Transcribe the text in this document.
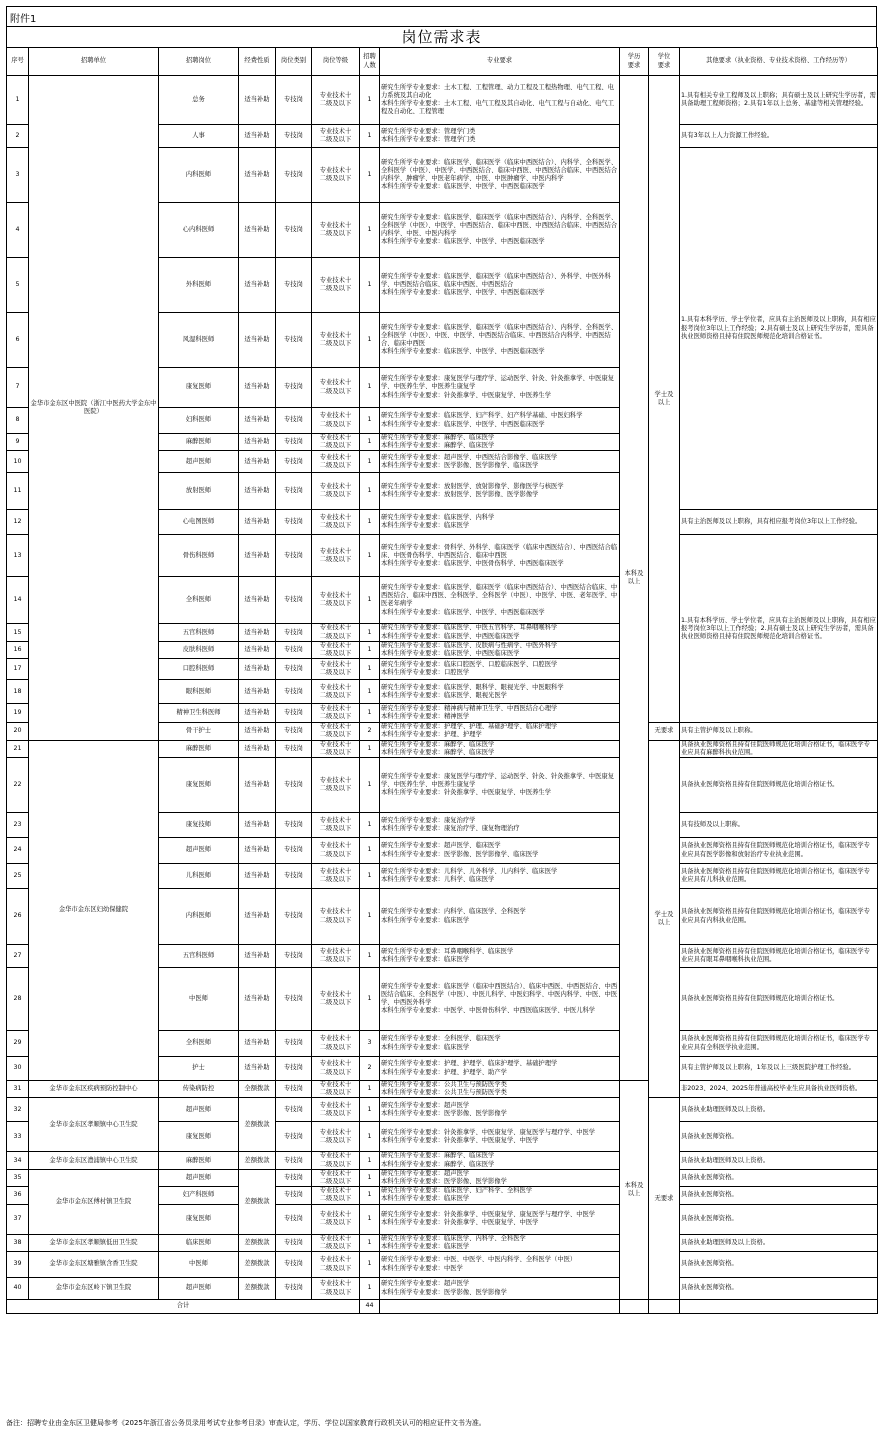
附件1
岗位需求表
序号	招聘单位	招聘岗位	经费性质	岗位类别	岗位等级	招聘
人数	专业要求	学历
要求	学位
要求	其他要求（执业资格、专业技术资格、工作经历等）
1	金华市金东区中医院（浙江中医药大学金东中医院）	总务	适当补助	专技岗	专业技术十
二级及以下	1	研究生所学专业要求：土木工程、工程管理、动力工程及工程热物理、电气工程、电力系统及其自动化
本科生所学专业要求：土木工程、电气工程及其自动化、电气工程与自动化、电气工程及自动化、工程管理	本科及
以上	学士及
以上	1.具有相关专业工程师及以上职称；具有硕士及以上研究生学历者，需具备助理工程师资格；2.具有1年以上总务、基建等相关管理经验。
2		人事	适当补助	专技岗	专业技术十
二级及以下	1	研究生所学专业要求：管理学门类
本科生所学专业要求：管理学门类			具有3年以上人力资源工作经验。
3		内科医师	适当补助	专技岗	专业技术十
二级及以下	1	研究生所学专业要求：临床医学、临床医学（临床中西医结合）、内科学、全科医学、全科医学（中医）、中医学、中西医结合、临床中西医、中西医结合临床、中西医结合内科学、肿瘤学、中医老年病学、中医、中医肿瘤学、中医内科学
本科生所学专业要求：临床医学、中医学、中西医临床医学			1.具有本科学历、学士学位者，应具有主治医师及以上职称，具有相应报考岗位3年以上工作经验；2.具有硕士及以上研究生学历者，需具备执业医师资格且持有住院医师规范化培训合格证书。
4		心内科医师	适当补助	专技岗	专业技术十
二级及以下	1	研究生所学专业要求：临床医学、临床医学（临床中西医结合）、内科学、全科医学、全科医学（中医）、中医学、中西医结合、临床中西医、中西医结合临床、中西医结合内科学、中医、中医内科学
本科生所学专业要求：临床医学、中医学、中西医临床医学			
5		外科医师	适当补助	专技岗	专业技术十
二级及以下	1	研究生所学专业要求：临床医学、临床医学（临床中西医结合）、外科学、中医外科学、中西医结合临床、临床中西医、中西医结合
本科生所学专业要求：临床医学、中医学、中西医临床医学			
6		风湿科医师	适当补助	专技岗	专业技术十
二级及以下	1	研究生所学专业要求：临床医学、临床医学（临床中西医结合）、内科学、全科医学、全科医学（中医）、中医、中医学、中西医结合临床、中西医结合内科学、中西医结合、临床中西医
本科生所学专业要求：临床医学、中医学、中西医临床医学			
7		康复医师	适当补助	专技岗	专业技术十
二级及以下	1	研究生所学专业要求：康复医学与理疗学、运动医学、针灸、针灸推拿学、中医康复学、中医养生学、中医养生康复学
本科生所学专业要求：针灸推拿学、中医康复学、中医养生学			
8		妇科医师	适当补助	专技岗	专业技术十
二级及以下	1	研究生所学专业要求：临床医学、妇产科学、妇产科学基础、中医妇科学
本科生所学专业要求：临床医学、中医学、中西医临床医学			
9		麻醉医师	适当补助	专技岗	专业技术十
二级及以下	1	研究生所学专业要求：麻醉学、临床医学
本科生所学专业要求：麻醉学、临床医学			
10		超声医师	适当补助	专技岗	专业技术十
二级及以下	1	研究生所学专业要求：超声医学、中西医结合影像学、临床医学
本科生所学专业要求：医学影像、医学影像学、临床医学			
11		放射医师	适当补助	专技岗	专业技术十
二级及以下	1	研究生所学专业要求：放射医学、放射影像学、影像医学与核医学
本科生所学专业要求：放射医学、医学影像、医学影像学			
12		心电图医师	适当补助	专技岗	专业技术十
二级及以下	1	研究生所学专业要求：临床医学、内科学
本科生所学专业要求：临床医学			具有主治医师及以上职称，具有相应报考岗位3年以上工作经验。
13		骨伤科医师	适当补助	专技岗	专业技术十
二级及以下	1	研究生所学专业要求：骨科学、外科学、临床医学（临床中西医结合）、中西医结合临床、中医骨伤科学、中西医结合、临床中西医
本科生所学专业要求：临床医学、中医骨伤科学、中西医临床医学			1.具有本科学历、学士学位者，应具有主治医师及以上职称，具有相应报考岗位3年以上工作经验；2.具有硕士及以上研究生学历者，需具备执业医师资格且持有住院医师规范化培训合格证书。
14		全科医师	适当补助	专技岗	专业技术十
二级及以下	1	研究生所学专业要求：临床医学、临床医学（临床中西医结合）、中西医结合临床、中西医结合、临床中西医、全科医学、全科医学（中医）、中医学、中医、老年医学、中医老年病学
本科生所学专业要求：临床医学、中医学、中西医临床医学			
15		五官科医师	适当补助	专技岗	专业技术十
二级及以下	1	研究生所学专业要求：临床医学、中医五官科学、耳鼻咽喉科学
本科生所学专业要求：临床医学、中西医临床医学			
16		皮肤科医师	适当补助	专技岗	专业技术十
二级及以下	1	研究生所学专业要求：临床医学、皮肤病与性病学、中医外科学
本科生所学专业要求：临床医学、中西医临床医学			
17		口腔科医师	适当补助	专技岗	专业技术十
二级及以下	1	研究生所学专业要求：临床口腔医学、口腔临床医学、口腔医学
本科生所学专业要求：口腔医学			
18		眼科医师	适当补助	专技岗	专业技术十
二级及以下	1	研究生所学专业要求：临床医学、眼科学、眼视光学、中医眼科学
本科生所学专业要求：临床医学、眼视光医学			
19		精神卫生科医师	适当补助	专技岗	专业技术十
二级及以下	1	研究生所学专业要求：精神病与精神卫生学、中西医结合心理学
本科生所学专业要求：精神医学			
20		骨干护士	适当补助	专技岗	专业技术十
二级及以下	2	研究生所学专业要求：护理学、护理、基础护理学、临床护理学
本科生所学专业要求：护理、护理学		无要求	具有主管护师及以上职称。
21	金华市金东区妇幼保健院	麻醉医师	适当补助	专技岗	专业技术十
二级及以下	1	研究生所学专业要求：麻醉学、临床医学
本科生所学专业要求：麻醉学、临床医学		学士及
以上	具备执业医师资格且持有住院医师规范化培训合格证书，临床医学专业应具有麻醉科执业范围。
22		康复医师	适当补助	专技岗	专业技术十
二级及以下	1	研究生所学专业要求：康复医学与理疗学、运动医学、针灸、针灸推拿学、中医康复学、中医养生学、中医养生康复学
本科生所学专业要求：针灸推拿学、中医康复学、中医养生学			具备执业医师资格且持有住院医师规范化培训合格证书。
23		康复技师	适当补助	专技岗	专业技术十
二级及以下	1	研究生所学专业要求：康复治疗学
本科生所学专业要求：康复治疗学、康复物理治疗			具有技师及以上职称。
24		超声医师	适当补助	专技岗	专业技术十
二级及以下	1	研究生所学专业要求：超声医学、临床医学
本科生所学专业要求：医学影像、医学影像学、临床医学			具备执业医师资格且持有住院医师规范化培训合格证书，临床医学专业应具有医学影像和放射治疗专业执业范围。
25		儿科医师	适当补助	专技岗	专业技术十
二级及以下	1	研究生所学专业要求：儿科学、儿外科学、儿内科学、临床医学
本科生所学专业要求：儿科学、临床医学			具备执业医师资格且持有住院医师规范化培训合格证书，临床医学专业应具有儿科执业范围。
26		内科医师	适当补助	专技岗	专业技术十
二级及以下	1	研究生所学专业要求：内科学、临床医学、全科医学
本科生所学专业要求：临床医学			具备执业医师资格且持有住院医师规范化培训合格证书，临床医学专业应具有内科执业范围。
27		五官科医师	适当补助	专技岗	专业技术十
二级及以下	1	研究生所学专业要求：耳鼻咽喉科学、临床医学
本科生所学专业要求：临床医学			具备执业医师资格且持有住院医师规范化培训合格证书，临床医学专业应具有眼耳鼻咽喉科执业范围。
28		中医师	适当补助	专技岗	专业技术十
二级及以下	1	研究生所学专业要求：临床医学（临床中西医结合）、临床中西医、中西医结合、中西医结合临床、全科医学（中医）、中医儿科学、中医妇科学、中医内科学、中医、中医学、中西医外科学
本科生所学专业要求：中医学、中医骨伤科学、中西医临床医学、中医儿科学			具备执业医师资格且持有住院医师规范化培训合格证书。
29		全科医师	适当补助	专技岗	专业技术十
二级及以下	3	研究生所学专业要求：全科医学、临床医学
本科生所学专业要求：临床医学			具备执业医师资格且持有住院医师规范化培训合格证书，临床医学专业应具有全科医学执业范围。
30		护士	适当补助	专技岗	专业技术十
二级及以下	2	研究生所学专业要求：护理、护理学、临床护理学、基础护理学
本科生所学专业要求：护理、护理学、助产学			具有主管护师及以上职称，1年及以上三级医院护理工作经验。
31	金华市金东区疾病预防控制中心	传染病防控	全额拨款	专技岗	专业技术十
二级及以下	1	研究生所学专业要求：公共卫生与预防医学类
本科生所学专业要求：公共卫生与预防医学类	本科及
以上		非2023、2024、2025年普通高校毕业生应具备执业医师资格。
32	金华市金东区孝顺镇中心卫生院	超声医师	差额拨款	专技岗	专业技术十
二级及以下	1	研究生所学专业要求：超声医学
本科生所学专业要求：医学影像、医学影像学		无要求	具备执业助理医师及以上资格。
33		康复医师		专技岗	专业技术十
二级及以下	1	研究生所学专业要求：针灸推拿学、中医康复学、康复医学与理疗学、中医学
本科生所学专业要求：针灸推拿学、中医康复学、中医学			具备执业医师资格。
34	金华市金东区澧浦镇中心卫生院	麻醉医师	差额拨款	专技岗	专业技术十
二级及以下	1	研究生所学专业要求：麻醉学、临床医学
本科生所学专业要求：麻醉学、临床医学			具备执业助理医师及以上资格。
35	金华市金东区傅村镇卫生院	超声医师	差额拨款	专技岗	专业技术十
二级及以下	1	研究生所学专业要求：超声医学
本科生所学专业要求：医学影像、医学影像学			具备执业医师资格。
36		妇产科医师		专技岗	专业技术十
二级及以下	1	研究生所学专业要求：临床医学、妇产科学、全科医学
本科生所学专业要求：临床医学			具备执业医师资格。
37		康复医师		专技岗	专业技术十
二级及以下	1	研究生所学专业要求：针灸推拿学、中医康复学、康复医学与理疗学、中医学
本科生所学专业要求：针灸推拿学、中医康复学、中医学			具备执业医师资格。
38	金华市金东区孝顺镇低田卫生院	临床医师	差额拨款	专技岗	专业技术十
二级及以下	1	研究生所学专业要求：临床医学、内科学、全科医学
本科生所学专业要求：临床医学			具备执业助理医师及以上资格。
39	金华市金东区塘雅镇含香卫生院	中医师	差额拨款	专技岗	专业技术十
二级及以下	1	研究生所学专业要求：中医、中医学、中医内科学、全科医学（中医）
本科生所学专业要求：中医学			具备执业医师资格。
40	金华市金东区岭下镇卫生院	超声医师	差额拨款	专技岗	专业技术十
二级及以下	1	研究生所学专业要求：超声医学
本科生所学专业要求：医学影像、医学影像学			具备执业医师资格。
合计						44				
备注：招聘专业由金东区卫健局参考《2025年浙江省公务员录用考试专业参考目录》审查认定，学历、学位以国家教育行政机关认可的相应证件文书为准。
